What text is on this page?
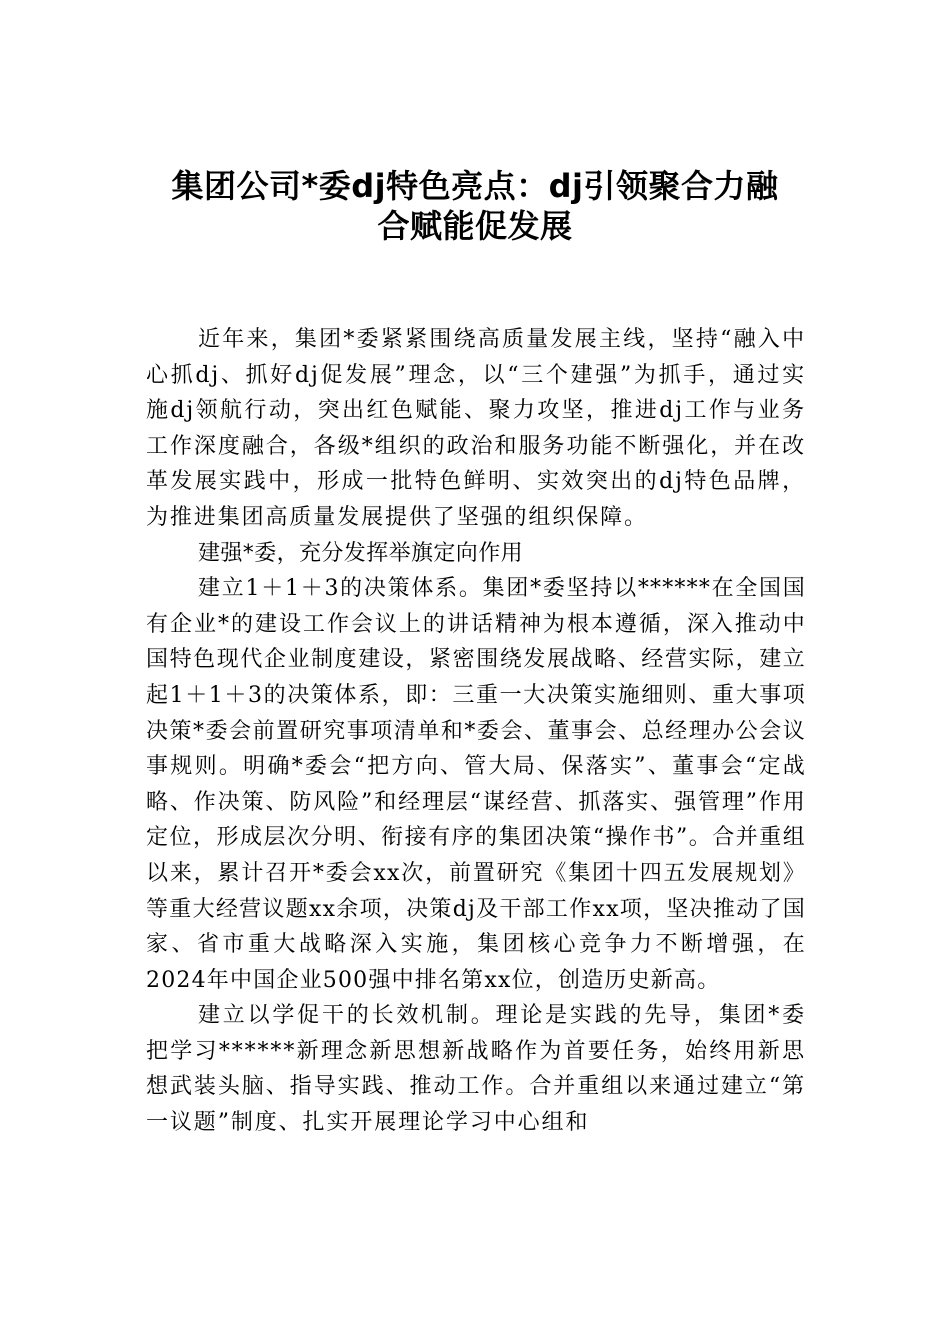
集团公司*委dj特色亮点：dj引领聚合力融
合赋能促发展

近年来，集团*委紧紧围绕高质量发展主线，坚持“融入中心抓dj、抓好dj促发展”理念，以“三个建强”为抓手，通过实施dj领航行动，突出红色赋能、聚力攻坚，推进dj工作与业务工作深度融合，各级*组织的政治和服务功能不断强化，并在改革发展实践中，形成一批特色鲜明、实效突出的dj特色品牌，为推进集团高质量发展提供了坚强的组织保障。

建强*委，充分发挥举旗定向作用

建立1＋1＋3的决策体系。集团*委坚持以******在全国国有企业*的建设工作会议上的讲话精神为根本遵循，深入推动中国特色现代企业制度建设，紧密围绕发展战略、经营实际，建立起1＋1＋3的决策体系，即：三重一大决策实施细则、重大事项决策*委会前置研究事项清单和*委会、董事会、总经理办公会议事规则。明确*委会“把方向、管大局、保落实”、董事会“定战略、作决策、防风险”和经理层“谋经营、抓落实、强管理”作用定位，形成层次分明、衔接有序的集团决策“操作书”。合并重组以来，累计召开*委会xx次，前置研究《集团十四五发展规划》等重大经营议题xx余项，决策dj及干部工作xx项，坚决推动了国家、省市重大战略深入实施，集团核心竞争力不断增强，在2024年中国企业500强中排名第xx位，创造历史新高。

建立以学促干的长效机制。理论是实践的先导，集团*委把学习******新理念新思想新战略作为首要任务，始终用新思想武装头脑、指导实践、推动工作。合并重组以来通过建立“第一议题”制度、扎实开展理论学习中心组和
